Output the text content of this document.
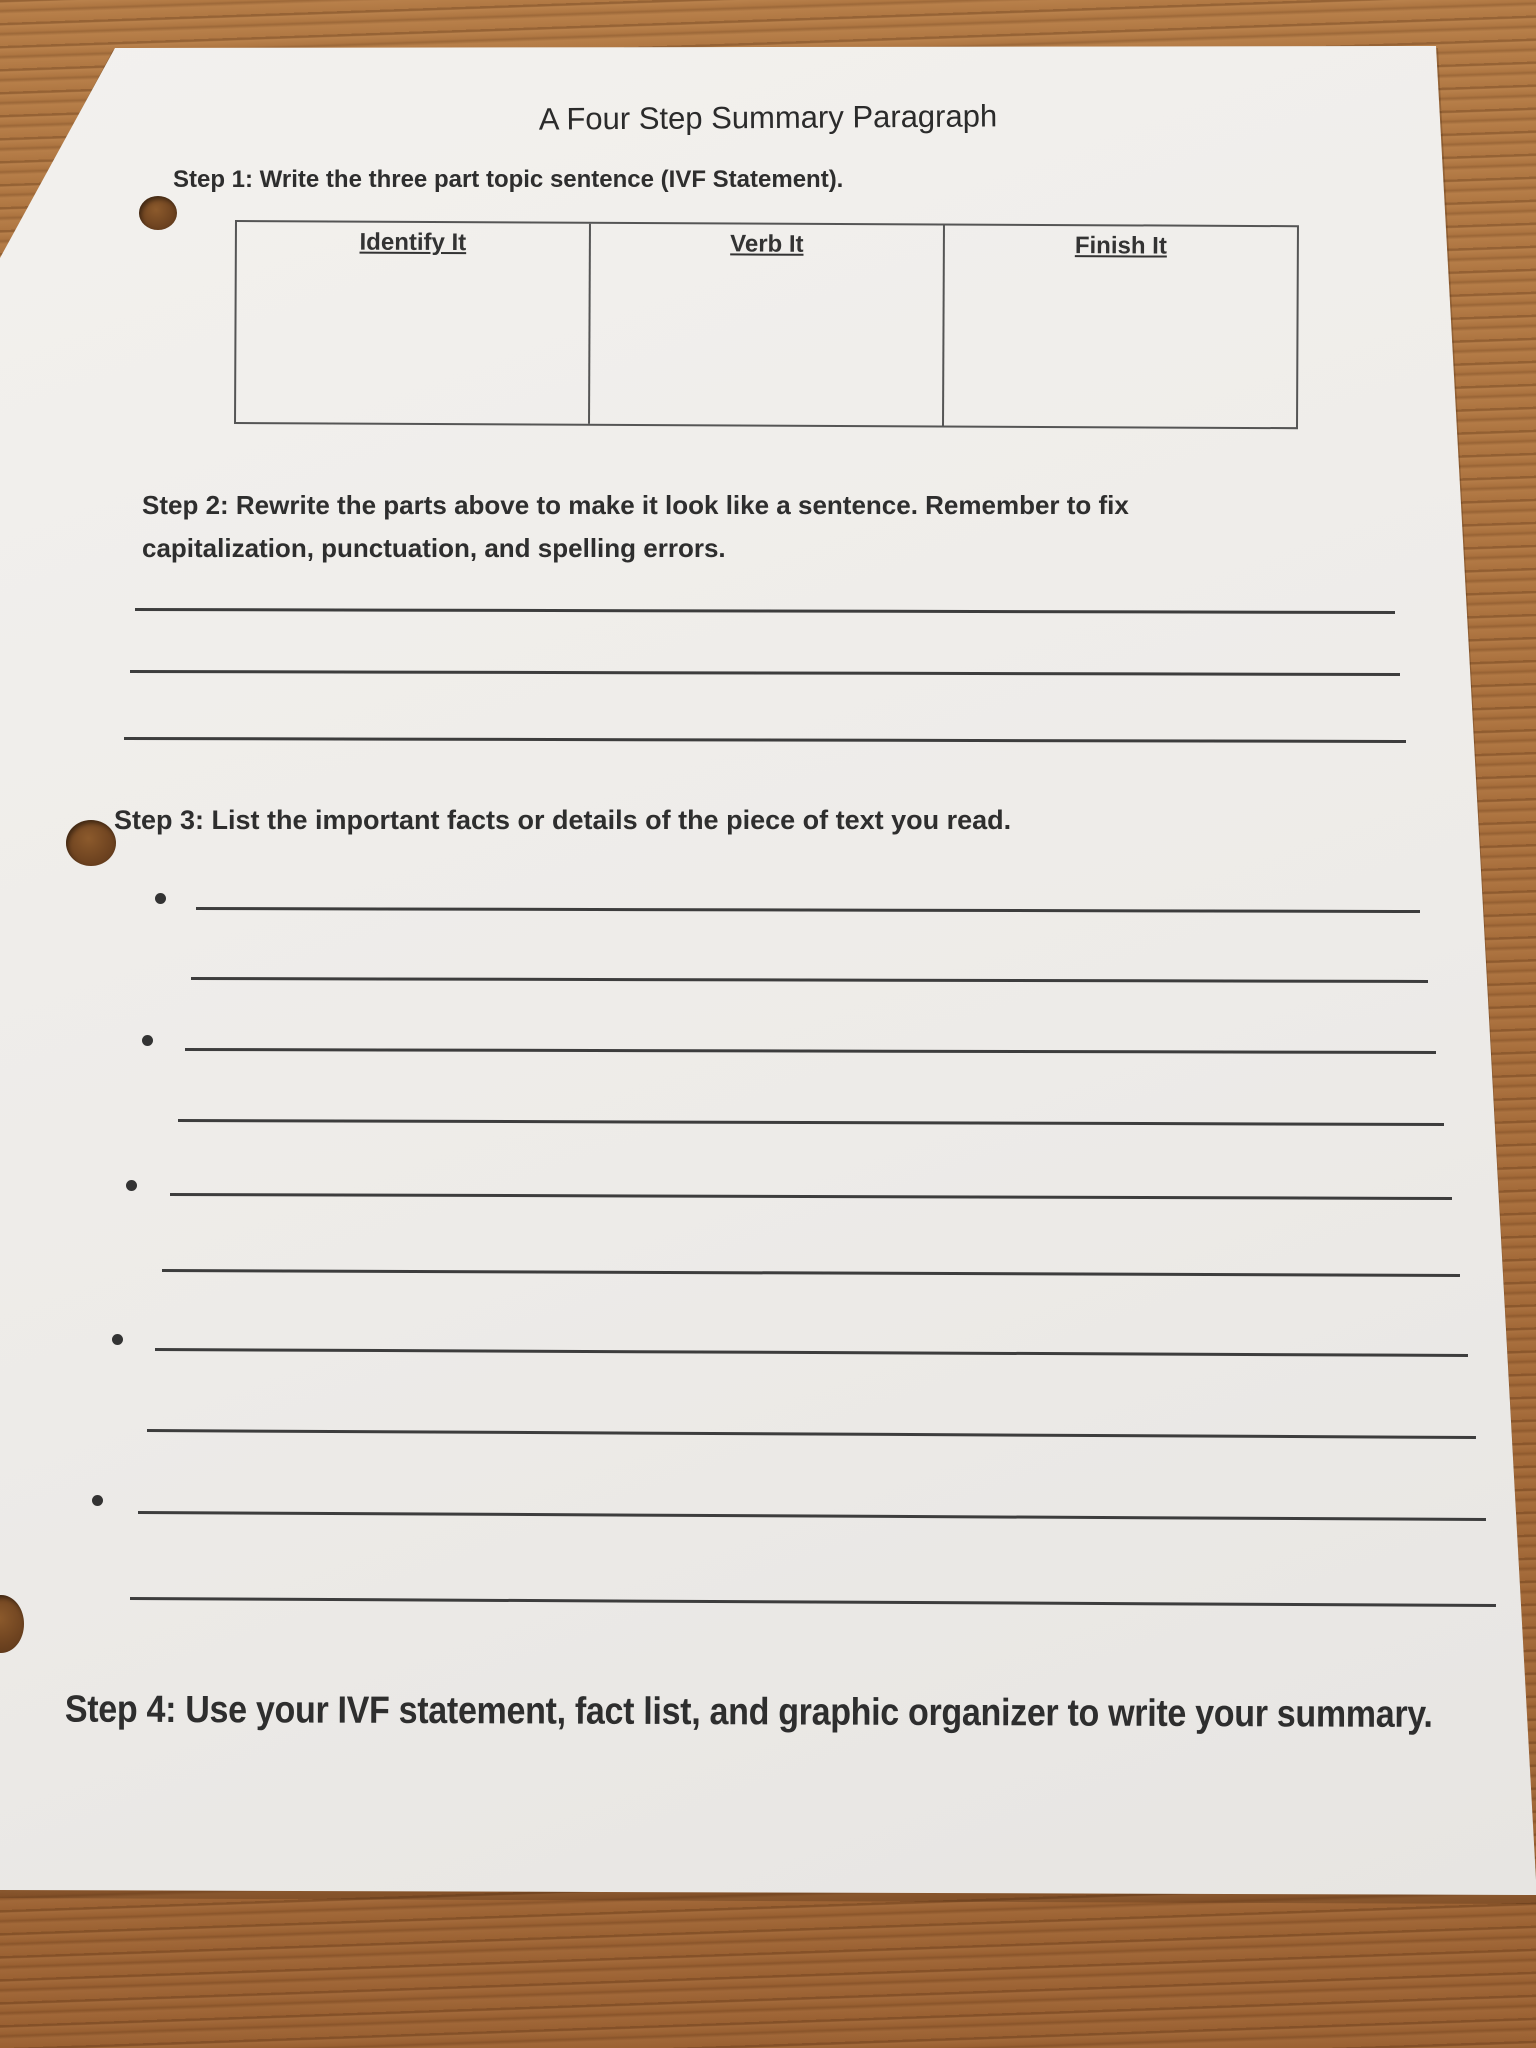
A Four Step Summary Paragraph
Step 1: Write the three part topic sentence (IVF Statement).
Identify It	Verb It	Finish It
Step 2: Rewrite the parts above to make it look like a sentence. Remember to fix capitalization, punctuation, and spelling errors.
Step 3: List the important facts or details of the piece of text you read.
Step 4: Use your IVF statement, fact list, and graphic organizer to write your summary.
